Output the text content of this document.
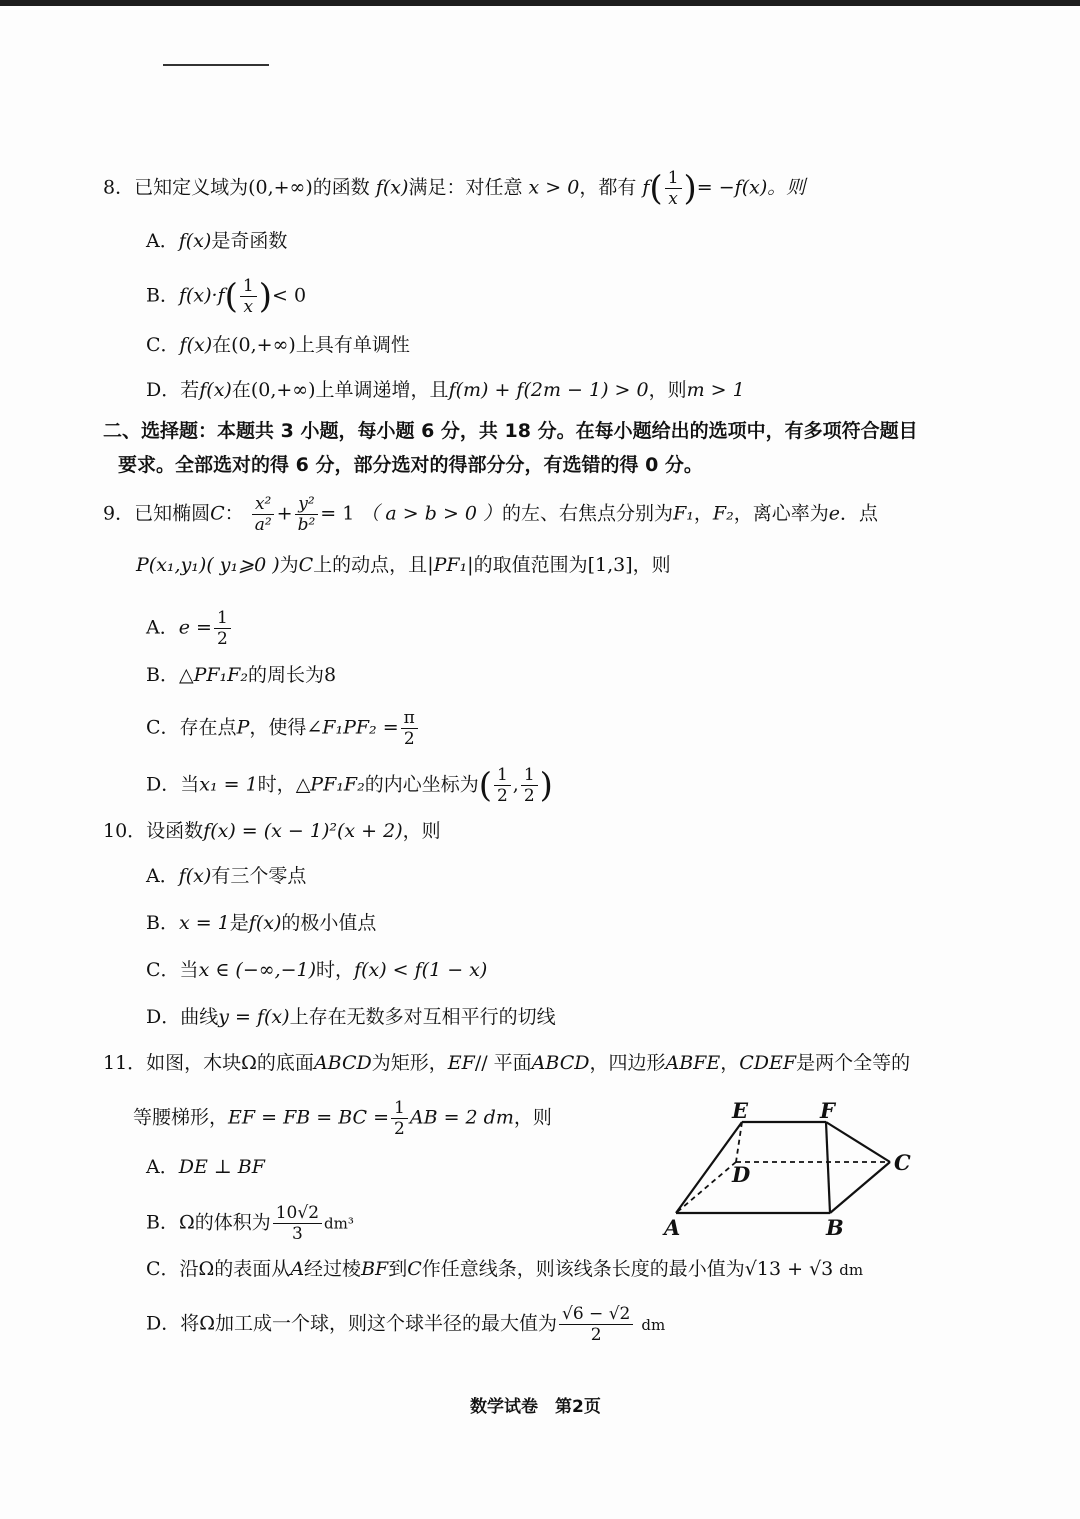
8．已知定义域为(0,+∞)的函数 f(x)满足：对任意 x > 0，都有 $f( \frac{1}{x}$ )= −f(x)。则
A．f(x)是奇函数
B．$f(x)\cdot f( \frac{1}{x}$ )< 0
C．f(x)在(0,+∞)上具有单调性
D．若f(x)在(0,+∞)上单调递增，且f(m) + f(2m − 1) > 0，则m > 1
二、选择题：本题共 3 小题，每小题 6 分，共 18 分。在每小题给出的选项中，有多项符合题目
要求。全部选对的得 6 分，部分选对的得部分分，有选错的得 0 分。
9．已知椭圆C： $\frac{\text{x²}}{\text{a²}} + \frac{\text{y²}}{\text{b²}} = 1$ （ a > b > 0 ）的左、右焦点分别为F₁，F₂，离心率为e．点
P(x₁,y₁)( y₁⩾0 )为C上的动点，且|PF₁|的取值范围为[1,3]，则
A．$e = \frac{1}{2}$
B．△PF₁F₂的周长为8
C．存在点P，使得∠F₁PF₂ = $\frac{\pi}{2}$
D．当x₁ = 1时，△PF₁F₂的内心坐标为( $\frac{1}{2}$ , $\frac{1}{2}$ )
10．设函数f(x) = (x − 1)²(x + 2)，则
A．f(x)有三个零点
B．x = 1是f(x)的极小值点
C．当x ∈ (−∞,−1)时，f(x) < f(1 − x)
D．曲线y = f(x)上存在无数多对互相平行的切线
11．如图，木块Ω的底面ABCD为矩形，EF// 平面ABCD，四边形ABFE，CDEF是两个全等的
等腰梯形，EF = FB = BC = $\frac{1}{2}$ AB = 2 dm，则
A．DE ⊥ BF
B．Ω的体积为 $\frac{10√2}{3} dm^3$
C．沿Ω的表面从A经过棱BF到C作任意线条，则该线条长度的最小值为√13 + √3 dm
D．将Ω加工成一个球，则这个球半径的最大值为 $\frac{√6 - √2}{2}$ dm
E	F
C
D
A	B
数学试卷　第2页
